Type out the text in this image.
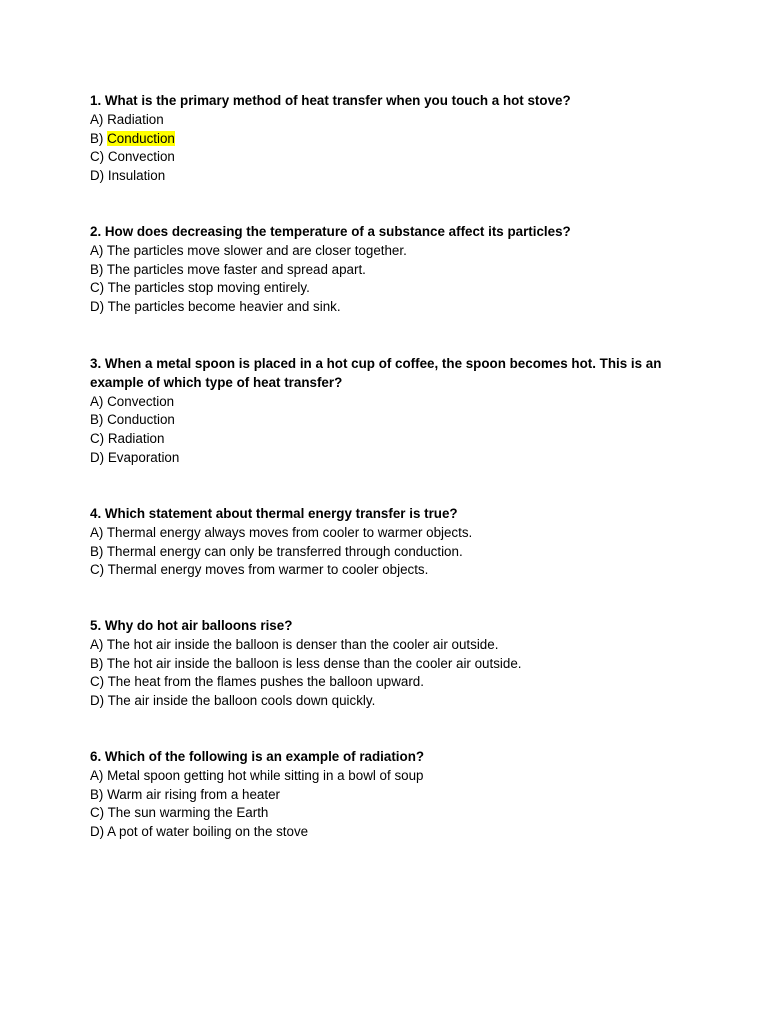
1. What is the primary method of heat transfer when you touch a hot stove?

A) Radiation

B) Conduction

C) Convection

D) Insulation

2. How does decreasing the temperature of a substance affect its particles?

A) The particles move slower and are closer together.

B) The particles move faster and spread apart.

C) The particles stop moving entirely.

D) The particles become heavier and sink.

3. When a metal spoon is placed in a hot cup of coffee, the spoon becomes hot. This is an example of which type of heat transfer?

A) Convection

B) Conduction

C) Radiation

D) Evaporation

4. Which statement about thermal energy transfer is true?

A) Thermal energy always moves from cooler to warmer objects.

B) Thermal energy can only be transferred through conduction.

C) Thermal energy moves from warmer to cooler objects.

5. Why do hot air balloons rise?

A) The hot air inside the balloon is denser than the cooler air outside.

B) The hot air inside the balloon is less dense than the cooler air outside.

C) The heat from the flames pushes the balloon upward.

D) The air inside the balloon cools down quickly.

6. Which of the following is an example of radiation?

A) Metal spoon getting hot while sitting in a bowl of soup

B) Warm air rising from a heater

C) The sun warming the Earth

D) A pot of water boiling on the stove
